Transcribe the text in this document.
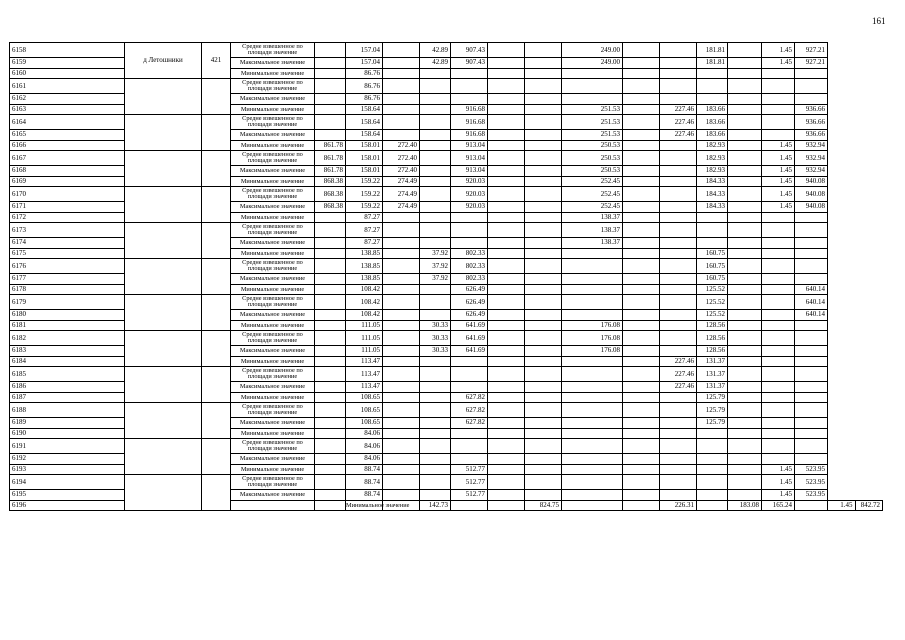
161
6158	д Летошники	421	Средне взвешенное по площади значение		157.04		42.89	907.43			249.00			181.81		1.45	927.21		
6159			Максимальное значение		157.04		42.89	907.43			249.00			181.81		1.45	927.21		
6160			Минимальное значение		86.76														
6161			Средне взвешенное по площади значение		86.76														
6162			Максимальное значение		86.76														
6163			Минимальное значение		158.64			916.68			251.53		227.46	183.66			936.66		
6164			Средне взвешенное по площади значение		158.64			916.68			251.53		227.46	183.66			936.66		
6165			Максимальное значение		158.64			916.68			251.53		227.46	183.66			936.66		
6166			Минимальное значение	861.78	158.01	272.40		913.04			250.53			182.93		1.45	932.94		
6167			Средне взвешенное по площади значение	861.78	158.01	272.40		913.04			250.53			182.93		1.45	932.94		
6168			Максимальное значение	861.78	158.01	272.40		913.04			250.53			182.93		1.45	932.94		
6169			Минимальное значение	868.38	159.22	274.49		920.03			252.45			184.33		1.45	940.08		
6170			Средне взвешенное по площади значение	868.38	159.22	274.49		920.03			252.45			184.33		1.45	940.08		
6171			Максимальное значение	868.38	159.22	274.49		920.03			252.45			184.33		1.45	940.08		
6172			Минимальное значение		87.27						138.37								
6173			Средне взвешенное по площади значение		87.27						138.37								
6174			Максимальное значение		87.27						138.37								
6175			Минимальное значение		138.85		37.92	802.33						160.75					
6176			Средне взвешенное по площади значение		138.85		37.92	802.33						160.75					
6177			Максимальное значение		138.85		37.92	802.33						160.75					
6178			Минимальное значение		108.42			626.49						125.52			640.14		
6179			Средне взвешенное по площади значение		108.42			626.49						125.52			640.14		
6180			Максимальное значение		108.42			626.49						125.52			640.14		
6181			Минимальное значение		111.05		30.33	641.69			176.08			128.56					
6182			Средне взвешенное по площади значение		111.05		30.33	641.69			176.08			128.56					
6183			Максимальное значение		111.05		30.33	641.69			176.08			128.56					
6184			Минимальное значение		113.47								227.46	131.37					
6185			Средне взвешенное по площади значение		113.47								227.46	131.37					
6186			Максимальное значение		113.47								227.46	131.37					
6187			Минимальное значение		108.65			627.82						125.79					
6188			Средне взвешенное по площади значение		108.65			627.82						125.79					
6189			Максимальное значение		108.65			627.82						125.79					
6190			Минимальное значение		84.06														
6191			Средне взвешенное по площади значение		84.06														
6192			Максимальное значение		84.06														
6193			Минимальное значение		88.74			512.77								1.45	523.95		
6194			Средне взвешенное по площади значение		88.74			512.77								1.45	523.95		
6195			Максимальное значение		88.74			512.77								1.45	523.95		
6196					Минимальное значение		142.73			824.75			226.31		183.08	165.24		1.45	842.72
